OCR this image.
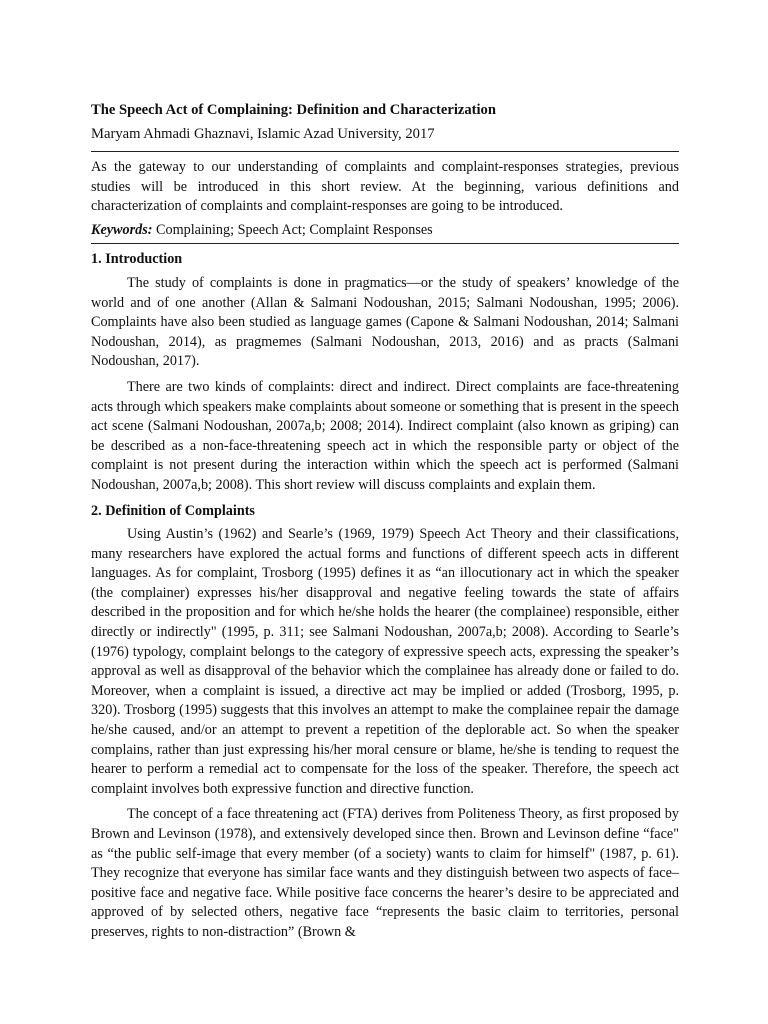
The Speech Act of Complaining: Definition and Characterization

Maryam Ahmadi Ghaznavi, Islamic Azad University, 2017

As the gateway to our understanding of complaints and complaint-responses strategies, previous studies will be introduced in this short review. At the beginning, various definitions and characterization of complaints and complaint-responses are going to be introduced.

Keywords: Complaining; Speech Act; Complaint Responses

1. Introduction

The study of complaints is done in pragmatics—or the study of speakers’ knowledge of the world and of one another (Allan & Salmani Nodoushan, 2015; Salmani Nodoushan, 1995; 2006). Complaints have also been studied as language games (Capone & Salmani Nodoushan, 2014; Salmani Nodoushan, 2014), as pragmemes (Salmani Nodoushan, 2013, 2016) and as practs (Salmani Nodoushan, 2017).

There are two kinds of complaints: direct and indirect. Direct complaints are face-threatening acts through which speakers make complaints about someone or something that is present in the speech act scene (Salmani Nodoushan, 2007a,b; 2008; 2014). Indirect complaint (also known as griping) can be described as a non-face-threatening speech act in which the responsible party or object of the complaint is not present during the interaction within which the speech act is performed (Salmani Nodoushan, 2007a,b; 2008). This short review will discuss complaints and explain them.

2. Definition of Complaints

Using Austin’s (1962) and Searle’s (1969, 1979) Speech Act Theory and their classifications, many researchers have explored the actual forms and functions of different speech acts in different languages. As for complaint, Trosborg (1995) defines it as “an illocutionary act in which the speaker (the complainer) expresses his/her disapproval and negative feeling towards the state of affairs described in the proposition and for which he/she holds the hearer (the complainee) responsible, either directly or indirectly" (1995, p. 311; see Salmani Nodoushan, 2007a,b; 2008). According to Searle’s (1976) typology, complaint belongs to the category of expressive speech acts, expressing the speaker’s approval as well as disapproval of the behavior which the complainee has already done or failed to do. Moreover, when a complaint is issued, a directive act may be implied or added (Trosborg, 1995, p. 320). Trosborg (1995) suggests that this involves an attempt to make the complainee repair the damage he/she caused, and/or an attempt to prevent a repetition of the deplorable act. So when the speaker complains, rather than just expressing his/her moral censure or blame, he/she is tending to request the hearer to perform a remedial act to compensate for the loss of the speaker. Therefore, the speech act complaint involves both expressive function and directive function.

The concept of a face threatening act (FTA) derives from Politeness Theory, as first proposed by Brown and Levinson (1978), and extensively developed since then. Brown and Levinson define “face" as “the public self-image that every member (of a society) wants to claim for himself" (1987, p. 61). They recognize that everyone has similar face wants and they distinguish between two aspects of face– positive face and negative face. While positive face concerns the hearer’s desire to be appreciated and approved of by selected others, negative face “represents the basic claim to territories, personal preserves, rights to non-distraction” (Brown &
